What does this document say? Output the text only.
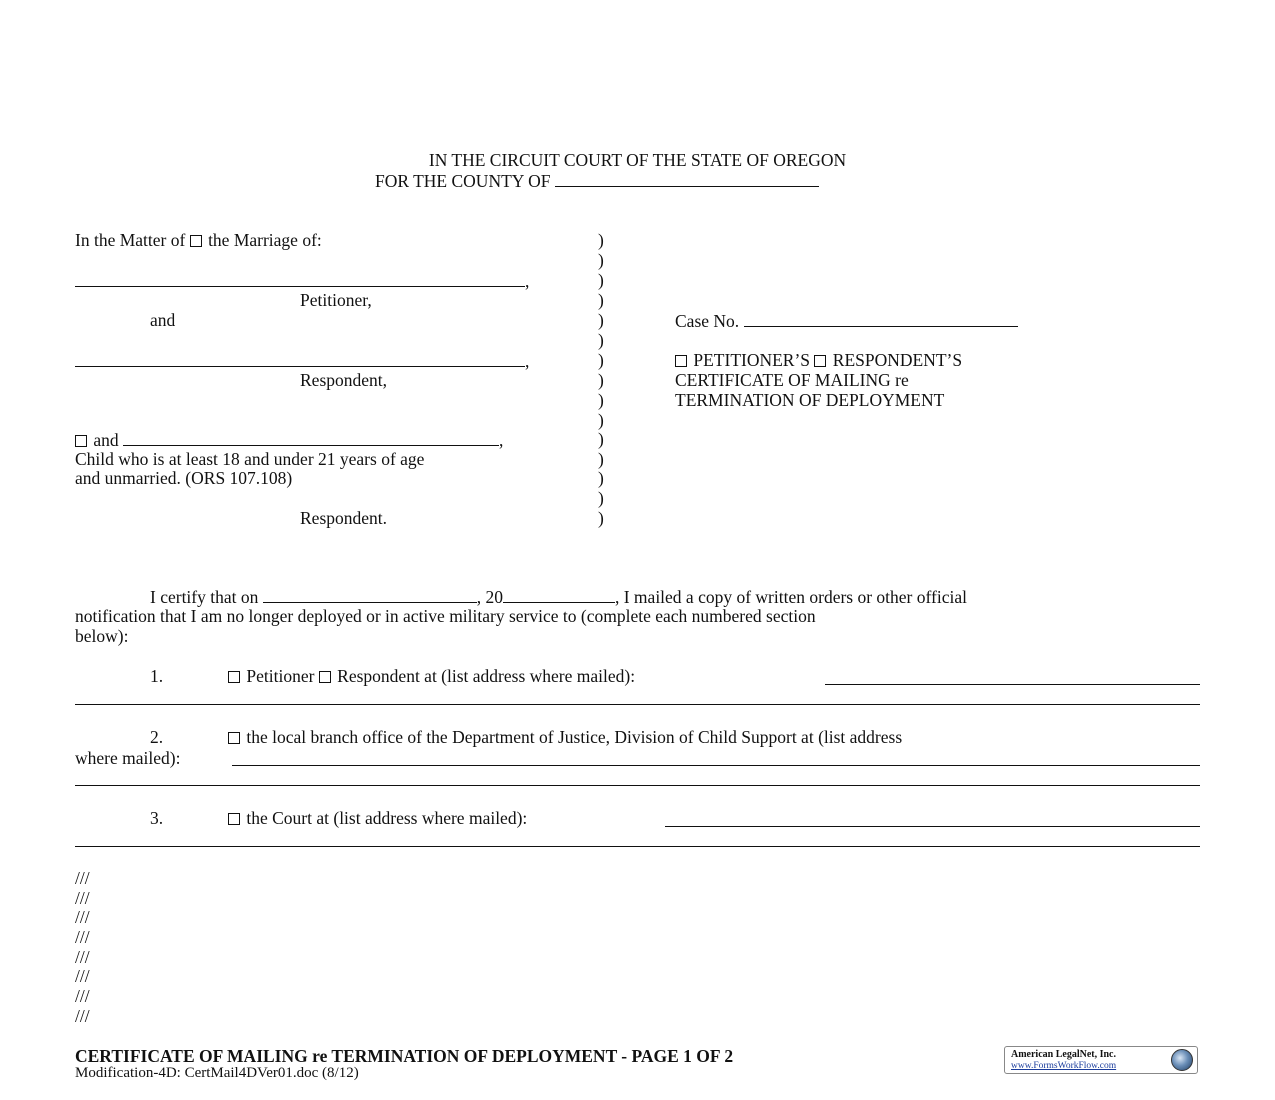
IN THE CIRCUIT COURT OF THE STATE OF OREGON
FOR THE COUNTY OF
In the Matter of the Marriage of:
,
Petitioner,
and
,
Respondent,
and	,
Child who is at least 18 and under 21 years of age
and unmarried. (ORS 107.108)
Respondent.
)
)
)
)
)
)
)
)
)
)
)
)
)
)
)
Case No.
PETITIONER’S RESPONDENT’S
CERTIFICATE OF MAILING re
TERMINATION OF DEPLOYMENT
I certify that on	, 20	, I mailed a copy of written orders or other official
notification that I am no longer deployed or in active military service to (complete each numbered section
below):
1.	Petitioner Respondent at (list address where mailed):
2.	the local branch office of the Department of Justice, Division of Child Support at (list address
where mailed):
3.	the Court at (list address where mailed):
///
///
///
///
///
///
///
///
CERTIFICATE OF MAILING re TERMINATION OF DEPLOYMENT - PAGE 1 OF 2
Modification-4D: CertMail4DVer01.doc (8/12)
American LegalNet, Inc.
www.FormsWorkFlow.com
